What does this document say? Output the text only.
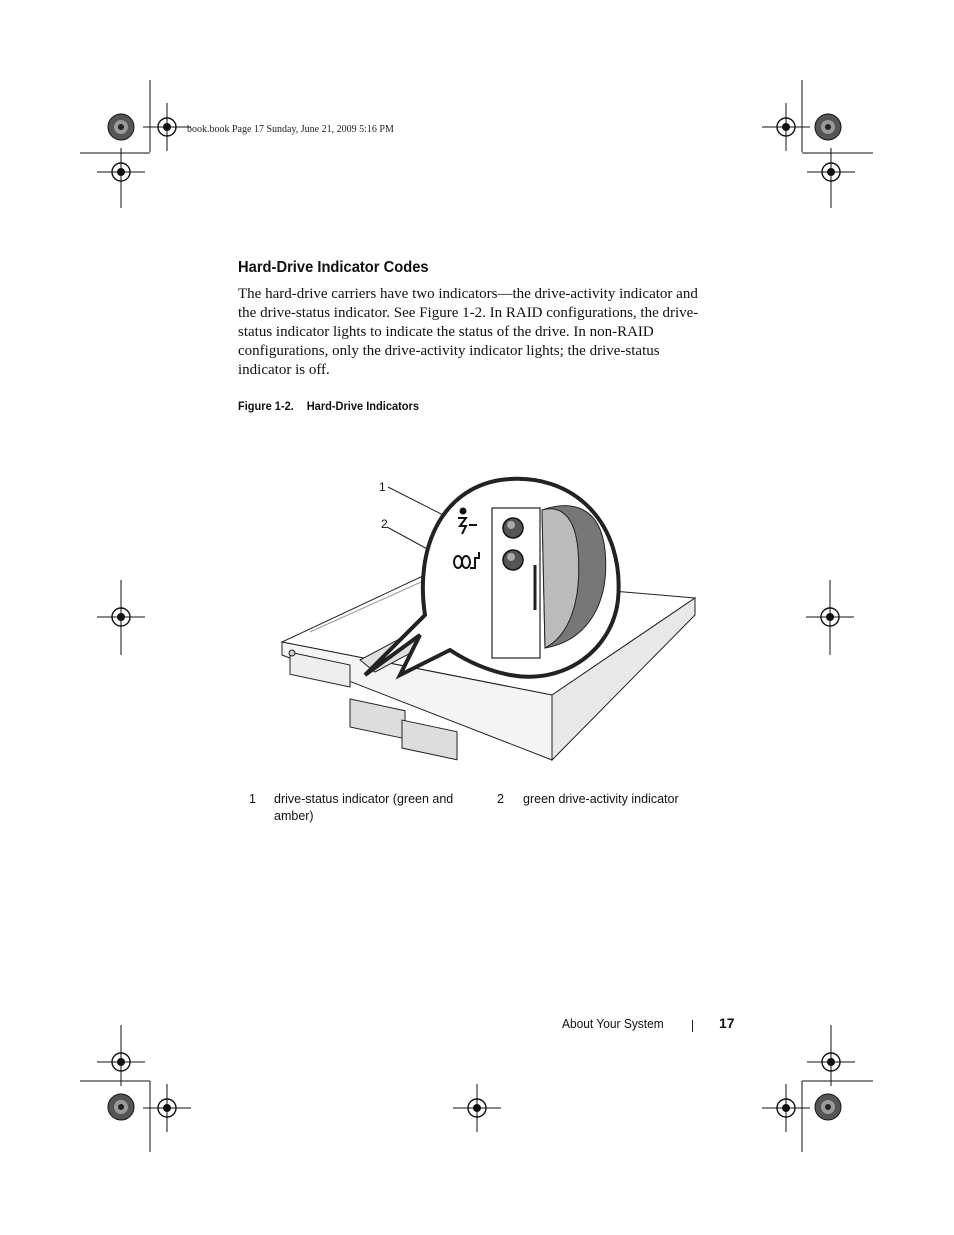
book.book Page 17 Sunday, June 21, 2009 5:16 PM
Hard-Drive Indicator Codes
The hard-drive carriers have two indicators—the drive-activity indicator and
the drive-status indicator. See Figure 1-2. In RAID configurations, the drive-
status indicator lights to indicate the status of the drive. In non-RAID
configurations, only the drive-activity indicator lights; the drive-status
indicator is off.
Figure 1-2. Hard-Drive Indicators
1
2
1 drive-status indicator (green and
amber)
2 green drive-activity indicator
About Your System	17
